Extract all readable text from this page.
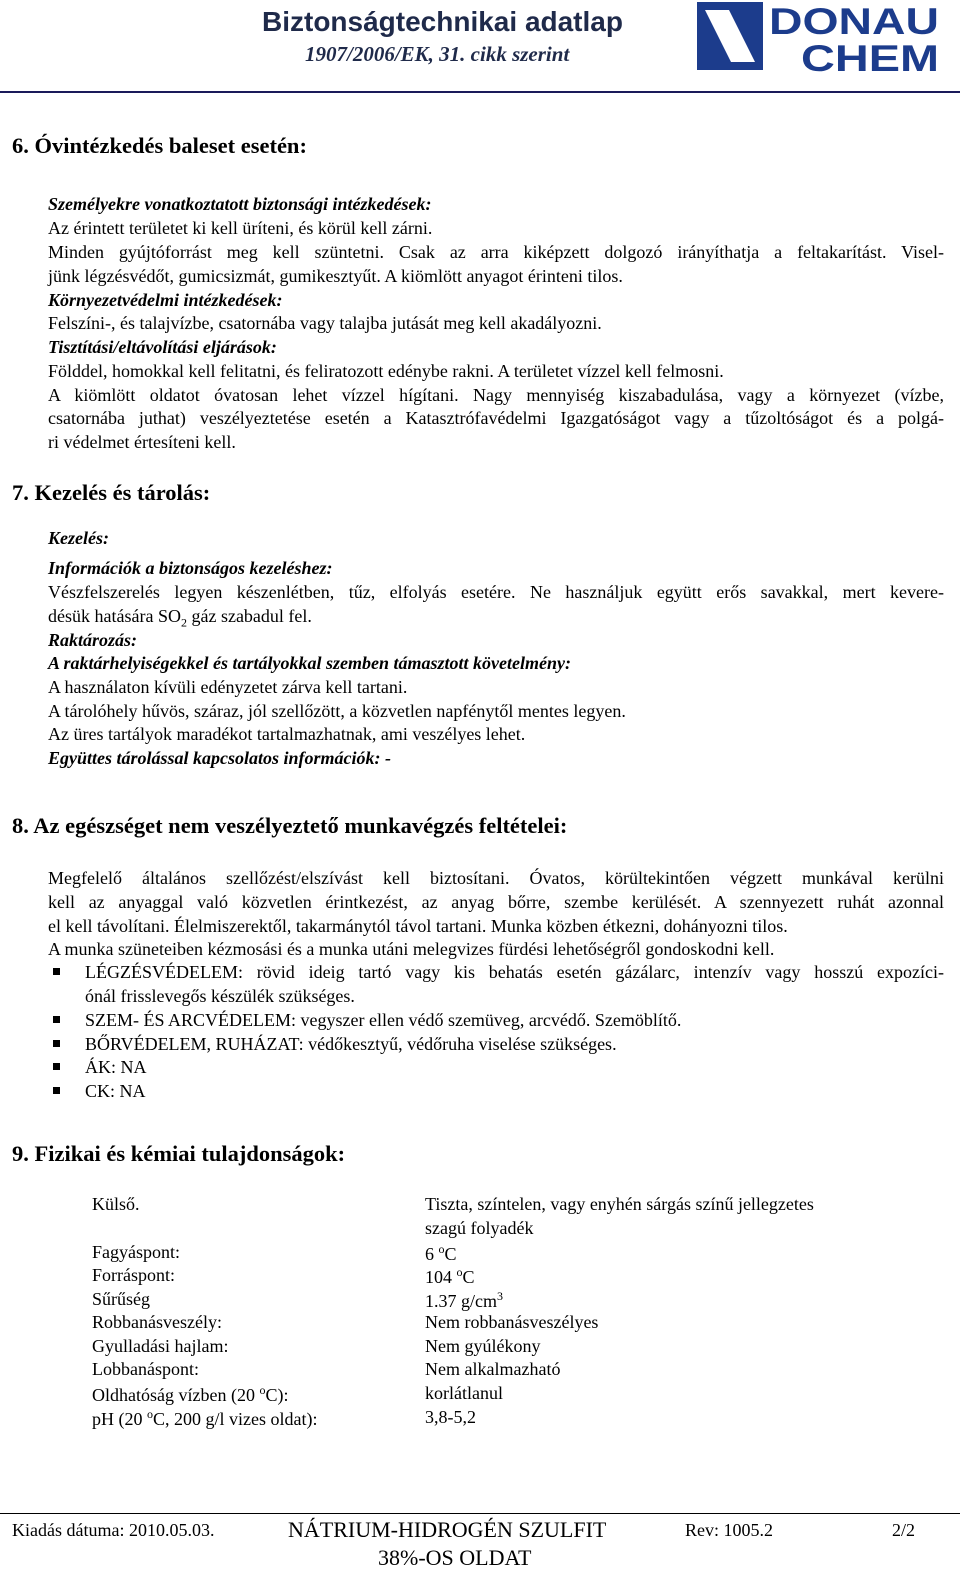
Biztonságtechnikai adatlap
1907/2006/EK, 31. cikk szerint
DONAU
CHEM
6. Óvintézkedés baleset esetén:
Személyekre vonatkoztatott biztonsági intézkedések:
Az érintett területet ki kell üríteni, és körül kell zárni.
Minden gyújtóforrást meg kell szüntetni. Csak az arra kiképzett dolgozó irányíthatja a feltakarítást. Visel-
jünk légzésvédőt, gumicsizmát, gumikesztyűt. A kiömlött anyagot érinteni tilos.
Környezetvédelmi intézkedések:
Felszíni-, és talajvízbe, csatornába vagy talajba jutását meg kell akadályozni.
Tisztítási/eltávolítási eljárások:
Földdel, homokkal kell felitatni, és feliratozott edénybe rakni. A területet vízzel kell felmosni.
A kiömlött oldatot óvatosan lehet vízzel hígítani. Nagy mennyiség kiszabadulása, vagy a környezet (vízbe,
csatornába juthat) veszélyeztetése esetén a Katasztrófavédelmi Igazgatóságot vagy a tűzoltóságot és a polgá-
ri védelmet értesíteni kell.
7. Kezelés és tárolás:
Kezelés:
Információk a biztonságos kezeléshez:
Vészfelszerelés legyen készenlétben, tűz, elfolyás esetére. Ne használjuk együtt erős savakkal, mert kevere-
désük hatására $SO_2$ gáz szabadul fel.
Raktározás:
A raktárhelyiségekkel és tartályokkal szemben támasztott követelmény:
A használaton kívüli edényzetet zárva kell tartani.
A tárolóhely hűvös, száraz, jól szellőzött, a közvetlen napfénytől mentes legyen.
Az üres tartályok maradékot tartalmazhatnak, ami veszélyes lehet.
Együttes tárolással kapcsolatos információk: -
8. Az egészséget nem veszélyeztető munkavégzés feltételei:
Megfelelő általános szellőzést/elszívást kell biztosítani. Óvatos, körültekintően végzett munkával kerülni
kell az anyaggal való közvetlen érintkezést, az anyag bőrre, szembe kerülését. A szennyezett ruhát azonnal
el kell távolítani. Élelmiszerektől, takarmánytól távol tartani. Munka közben étkezni, dohányozni tilos.
A munka szüneteiben kézmosási és a munka utáni melegvizes fürdési lehetőségről gondoskodni kell.
LÉGZÉSVÉDELEM: rövid ideig tartó vagy kis behatás esetén gázálarc, intenzív vagy hosszú expozíci-
ónál frisslevegős készülék szükséges.
SZEM- ÉS ARCVÉDELEM: vegyszer ellen védő szemüveg, arcvédő. Szemöblítő.
BŐRVÉDELEM, RUHÁZAT: védőkesztyű, védőruha viselése szükséges.
ÁK: NA
CK: NA
9. Fizikai és kémiai tulajdonságok:
Külső.	Tiszta, színtelen, vagy enyhén sárgás színű jellegzetes
szagú folyadék
Fagyáspont:	6 $^o$C
Forráspont:	104 $^o$C
Sűrűség	1.37 $g/cm^3$
Robbanásveszély:	Nem robbanásveszélyes
Gyulladási hajlam:	Nem gyúlékony
Lobbanáspont:	Nem alkalmazható
Oldhatóság vízben (20 $^o$C):	korlátlanul
pH (20 $^o$C, 200 g/l vizes oldat):	3,8-5,2
Kiadás dátuma: 2010.05.03.	NÁTRIUM-HIDROGÉN SZULFIT
38%-OS OLDAT
Rev: 1005.2	2/2
